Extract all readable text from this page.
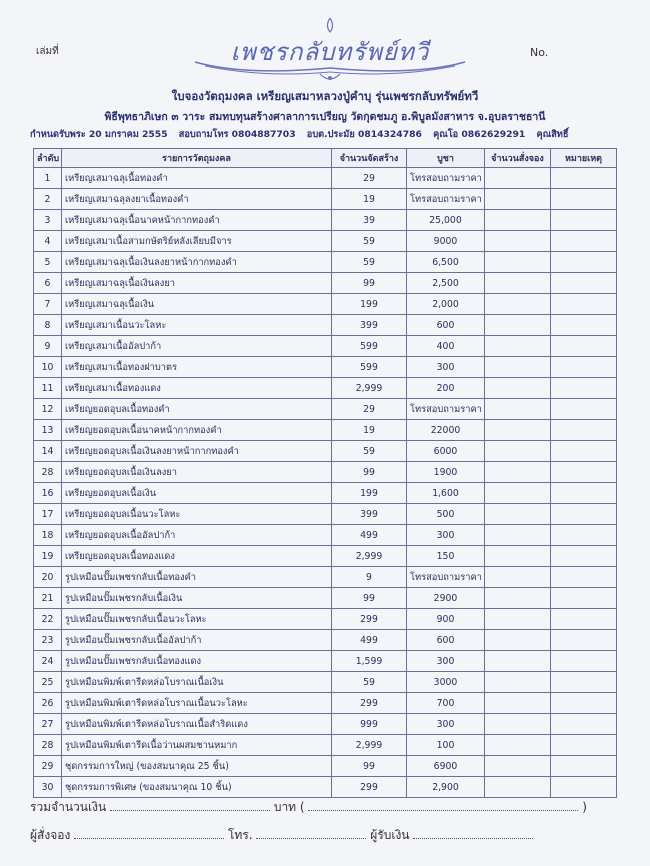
เล่มที่	No.
เพชรกลับทรัพย์ทวี
ใบจองวัตถุมงคล เหรียญเสมาหลวงปู่คำบุ รุ่นเพชรกลับทรัพย์ทวี
พิธีพุทธาภิเษก ๓ วาระ สมทบทุนสร้างศาลาการเปรียญ วัดกุดชมภู อ.พิบูลมังสาหาร จ.อุบลราชธานี
กำหนดรับพระ 20 มกราคม 2555 สอบถามโทร 0804887703 อบต.ประมัย 0814324786 คุณโอ 0862629291 คุณสิทธิ์
ลำดับ	รายการวัตถุมงคล	จำนวนจัดสร้าง	บูชา	จำนวนสั่งจอง	หมายเหตุ
1	เหรียญเสมาฉลุเนื้อทองคำ	29	โทรสอบถามราคา		
2	เหรียญเสมาฉลุลงยาเนื้อทองคำ	19	โทรสอบถามราคา		
3	เหรียญเสมาฉลุเนื้อนาคหน้ากากทองคำ	39	25,000		
4	เหรียญเสมาเนื้อสามกษัตริย์หลังเลียบมีจาร	59	9000		
5	เหรียญเสมาฉลุเนื้อเงินลงยาหน้ากากทองคำ	59	6,500		
6	เหรียญเสมาฉลุเนื้อเงินลงยา	99	2,500		
7	เหรียญเสมาฉลุเนื้อเงิน	199	2,000		
8	เหรียญเสมาเนื้อนวะโลหะ	399	600		
9	เหรียญเสมาเนื้ออัลปาก้า	599	400		
10	เหรียญเสมาเนื้อทองฝาบาตร	599	300		
11	เหรียญเสมาเนื้อทองแดง	2,999	200		
12	เหรียญยอดอุบลเนื้อทองคำ	29	โทรสอบถามราคา		
13	เหรียญยอดอุบลเนื้อนาคหน้ากากทองคำ	19	22000		
14	เหรียญยอดอุบลเนื้อเงินลงยาหน้ากากทองคำ	59	6000		
28	เหรียญยอดอุบลเนื้อเงินลงยา	99	1900		
16	เหรียญยอดอุบลเนื้อเงิน	199	1,600		
17	เหรียญยอดอุบลเนื้อนวะโลหะ	399	500		
18	เหรียญยอดอุบลเนื้ออัลปาก้า	499	300		
19	เหรียญยอดอุบลเนื้อทองแดง	2,999	150		
20	รูปเหมือนปั๊มเพชรกลับเนื้อทองคำ	9	โทรสอบถามราคา		
21	รูปเหมือนปั๊มเพชรกลับเนื้อเงิน	99	2900		
22	รูปเหมือนปั๊มเพชรกลับเนื้อนวะโลหะ	299	900		
23	รูปเหมือนปั๊มเพชรกลับเนื้ออัลปาก้า	499	600		
24	รูปเหมือนปั๊มเพชรกลับเนื้อทองแดง	1,599	300		
25	รูปเหมือนพิมพ์เตารีดหล่อโบราณเนื้อเงิน	59	3000		
26	รูปเหมือนพิมพ์เตารีดหล่อโบราณเนื้อนวะโลหะ	299	700		
27	รูปเหมือนพิมพ์เตารีดหล่อโบราณเนื้อสำริดแดง	999	300		
28	รูปเหมือนพิมพ์เตารีดเนื้อว่านผสมชานหมาก	2,999	100		
29	ชุดกรรมการใหญ่ (ของสมนาคุณ 25 ชิ้น)	99	6900		
30	ชุดกรรมการพิเศษ (ของสมนาคุณ 10 ชิ้น)	299	2,900		
รวมจำนวนเงิน	บาท (	)
ผู้สั่งจอง	โทร.	ผู้รับเงิน
